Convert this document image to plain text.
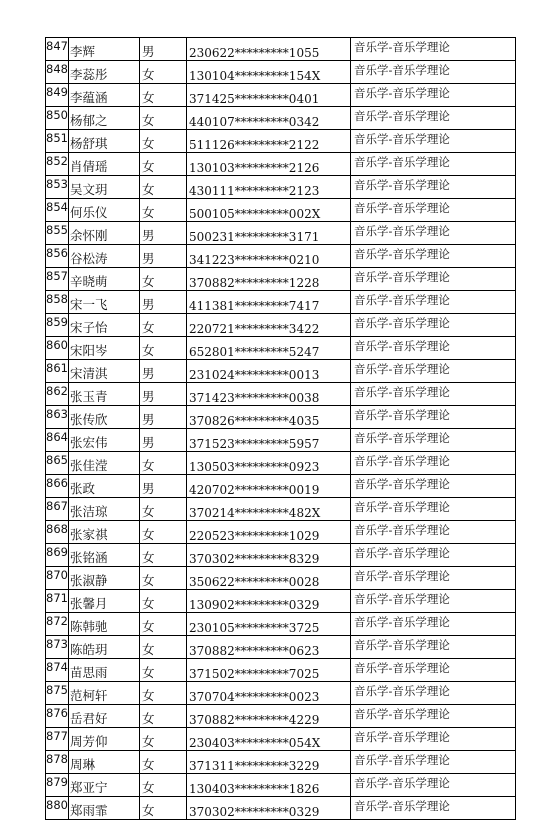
847	李辉	男	230622*********1055	音乐学-音乐学理论
848	李蕊彤	女	130104*********154X	音乐学-音乐学理论
849	李蕴涵	女	371425*********0401	音乐学-音乐学理论
850	杨郁之	女	440107*********0342	音乐学-音乐学理论
851	杨舒琪	女	511126*********2122	音乐学-音乐学理论
852	肖倩瑶	女	130103*********2126	音乐学-音乐学理论
853	吴文玥	女	430111*********2123	音乐学-音乐学理论
854	何乐仪	女	500105*********002X	音乐学-音乐学理论
855	余怀刚	男	500231*********3171	音乐学-音乐学理论
856	谷松涛	男	341223*********0210	音乐学-音乐学理论
857	辛晓萌	女	370882*********1228	音乐学-音乐学理论
858	宋一飞	男	411381*********7417	音乐学-音乐学理论
859	宋子怡	女	220721*********3422	音乐学-音乐学理论
860	宋阳岑	女	652801*********5247	音乐学-音乐学理论
861	宋清淇	男	231024*********0013	音乐学-音乐学理论
862	张玉青	男	371423*********0038	音乐学-音乐学理论
863	张传欣	男	370826*********4035	音乐学-音乐学理论
864	张宏伟	男	371523*********5957	音乐学-音乐学理论
865	张佳滢	女	130503*********0923	音乐学-音乐学理论
866	张政	男	420702*********0019	音乐学-音乐学理论
867	张洁琼	女	370214*********482X	音乐学-音乐学理论
868	张家祺	女	220523*********1029	音乐学-音乐学理论
869	张铭涵	女	370302*********8329	音乐学-音乐学理论
870	张淑静	女	350622*********0028	音乐学-音乐学理论
871	张馨月	女	130902*********0329	音乐学-音乐学理论
872	陈韩驰	女	230105*********3725	音乐学-音乐学理论
873	陈皓玥	女	370882*********0623	音乐学-音乐学理论
874	苗思雨	女	371502*********7025	音乐学-音乐学理论
875	范柯轩	女	370704*********0023	音乐学-音乐学理论
876	岳君好	女	370882*********4229	音乐学-音乐学理论
877	周芳仰	女	230403*********054X	音乐学-音乐学理论
878	周琳	女	371311*********3229	音乐学-音乐学理论
879	郑亚宁	女	130403*********1826	音乐学-音乐学理论
880	郑雨霏	女	370302*********0329	音乐学-音乐学理论
